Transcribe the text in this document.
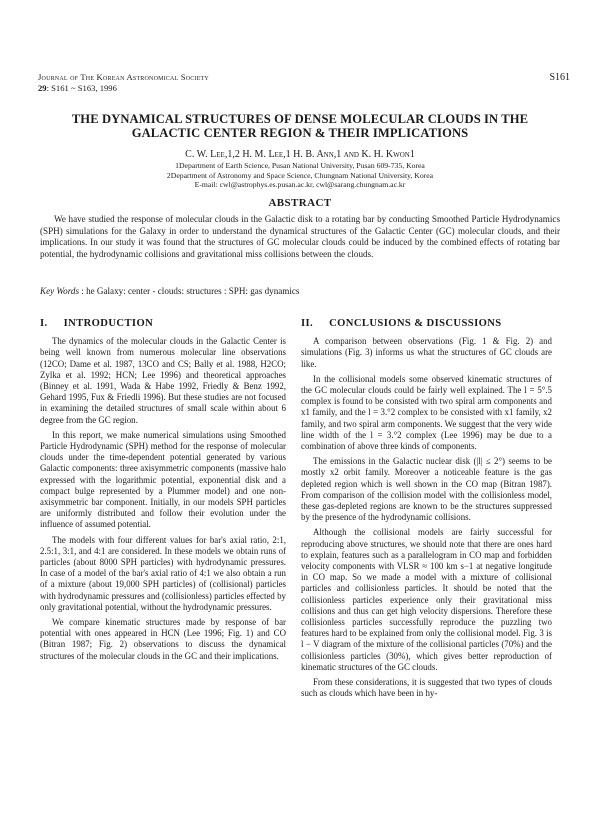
Journal of The Korean Astronomical Society
29: S161 ~ S163, 1996
S161
THE DYNAMICAL STRUCTURES OF DENSE MOLECULAR CLOUDS IN THE
GALACTIC CENTER REGION & THEIR IMPLICATIONS
C. W. Lee,1,2 H. M. Lee,1 H. B. Ann,1 and K. H. Kwon1
1Department of Earth Science, Pusan National University, Pusan 609-735, Korea
2Department of Astronomy and Space Science, Chungnam National University, Korea
E-mail: cwl@astrophys.es.pusan.ac.kr, cwl@sarang.chungnam.ac.kr
ABSTRACT
We have studied the response of molecular clouds in the Galactic disk to a rotating bar by conducting Smoothed Particle Hydrodynamics (SPH) simulations for the Galaxy in order to understand the dynamical structures of the Galactic Center (GC) molecular clouds, and their implications. In our study it was found that the structures of GC molecular clouds could be induced by the combined effects of rotating bar potential, the hydrodynamic collisions and gravitational miss collisions between the clouds.
Key Words : he Galaxy: center - clouds: structures : SPH: gas dynamics
I. INTRODUCTION

The dynamics of the molecular clouds in the Galactic Center is being well known from numerous molecular line observations (12CO; Dame et al. 1987, 13CO and CS; Bally et al. 1988, H2CO; Zylka et al. 1992; HCN; Lee 1996) and theoretical approaches (Binney et al. 1991, Wada & Habe 1992, Friedly & Benz 1992, Gehard 1995, Fux & Friedli 1996). But these studies are not focused in examining the detailed structures of small scale within about 6 degree from the GC region.

In this report, we make numerical simulations using Smoothed Particle Hydrodynamic (SPH) method for the response of molecular clouds under the time-dependent potential generated by various Galactic components: three axisymmetric components (massive halo expressed with the logarithmic potential, exponential disk and a compact bulge represented by a Plummer model) and one non-axisymmetric bar component. Initially, in our models SPH particles are uniformly distributed and follow their evolution under the influence of assumed potential.

The models with four different values for bar's axial ratio, 2:1, 2.5:1, 3:1, and 4:1 are considered. In these models we obtain runs of particles (about 8000 SPH particles) with hydrodynamic pressures. In case of a model of the bar's axial ratio of 4:1 we also obtain a run of a mixture (about 19,000 SPH particles) of (collisional) particles with hydrodynamic pressures and (collisionless) particles effected by only gravitational potential, without the hydrodynamic pressures.

We compare kinematic structures made by response of bar potential with ones appeared in HCN (Lee 1996; Fig. 1) and CO (Bitran 1987; Fig. 2) observations to discuss the dynamical structures of the molecular clouds in the GC and their implications.

II. CONCLUSIONS & DISCUSSIONS

A comparison between observations (Fig. 1 & Fig. 2) and simulations (Fig. 3) informs us what the structures of GC clouds are like.

In the collisional models some observed kinematic structures of the GC molecular clouds could be fairly well explained. The l = 5°.5 complex is found to be consisted with two spiral arm components and x1 family, and the l = 3.°2 complex to be consisted with x1 family, x2 family, and two spiral arm components. We suggest that the very wide line width of the l = 3.°2 complex (Lee 1996) may be due to a combination of above three kinds of components.

The emissions in the Galactic nuclear disk (|l| ≤ 2°) seems to be mostly x2 orbit family. Moreover a noticeable feature is the gas depleted region which is well shown in the CO map (Bitran 1987). From comparison of the collision model with the collisionless model, these gas-depleted regions are known to be the structures suppressed by the presence of the hydrodynamic collisions.

Although the collisional models are fairly successful for reproducing above structures, we should note that there are ones hard to explain, features such as a parallelogram in CO map and forbidden velocity components with VLSR ≈ 100 km s−1 at negative longitude in CO map. So we made a model with a mixture of collisional particles and collisionless particles. It should be noted that the collisionless particles experience only their gravitational miss collisions and thus can get high velocity dispersions. Therefore these collisionless particles successfully reproduce the puzzling two features hard to be explained from only the collisional model. Fig. 3 is l − V diagram of the mixture of the collisional particles (70%) and the collisionless particles (30%), which gives better reproduction of kinematic structures of the GC clouds.

From these considerations, it is suggested that two types of clouds such as clouds which have been in hy-
